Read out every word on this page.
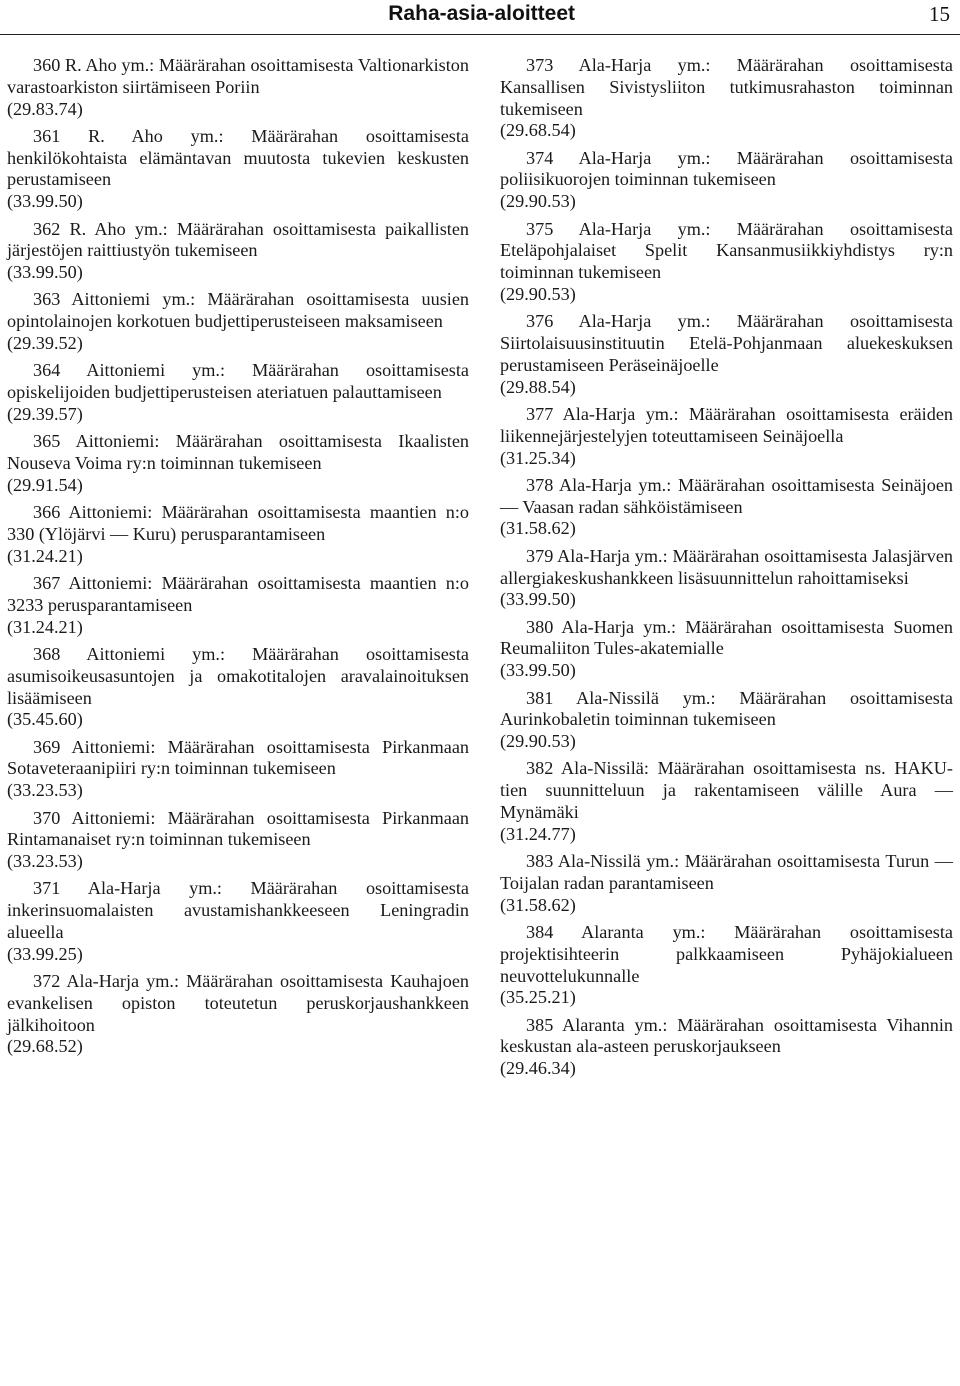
Raha-asia-aloitteet	15
360 R. Aho ym.: Määrärahan osoittamisesta Valtionarkiston varastoarkiston siirtämiseen Poriin
(29.83.74)
361 R. Aho ym.: Määrärahan osoittamisesta henkilökohtaista elämäntavan muutosta tukevien keskusten perustamiseen
(33.99.50)
362 R. Aho ym.: Määrärahan osoittamisesta paikallisten järjestöjen raittiustyön tukemiseen
(33.99.50)
363 Aittoniemi ym.: Määrärahan osoittamisesta uusien opintolainojen korkotuen budjettiperusteiseen maksamiseen
(29.39.52)
364 Aittoniemi ym.: Määrärahan osoittamisesta opiskelijoiden budjettiperusteisen ateriatuen palauttamiseen
(29.39.57)
365 Aittoniemi: Määrärahan osoittamisesta Ikaalisten Nouseva Voima ry:n toiminnan tukemiseen
(29.91.54)
366 Aittoniemi: Määrärahan osoittamisesta maantien n:o 330 (Ylöjärvi — Kuru) perusparantamiseen
(31.24.21)
367 Aittoniemi: Määrärahan osoittamisesta maantien n:o 3233 perusparantamiseen
(31.24.21)
368 Aittoniemi ym.: Määrärahan osoittamisesta asumisoikeusasuntojen ja omakotitalojen aravalainoituksen lisäämiseen
(35.45.60)
369 Aittoniemi: Määrärahan osoittamisesta Pirkanmaan Sotaveteraanipiiri ry:n toiminnan tukemiseen
(33.23.53)
370 Aittoniemi: Määrärahan osoittamisesta Pirkanmaan Rintamanaiset ry:n toiminnan tukemiseen
(33.23.53)
371 Ala-Harja ym.: Määrärahan osoittamisesta inkerinsuomalaisten avustamishankkeeseen Leningradin alueella
(33.99.25)
372 Ala-Harja ym.: Määrärahan osoittamisesta Kauhajoen evankelisen opiston toteutetun peruskorjaushankkeen jälkihoitoon
(29.68.52)
373 Ala-Harja ym.: Määrärahan osoittamisesta Kansallisen Sivistysliiton tutkimusrahaston toiminnan tukemiseen
(29.68.54)
374 Ala-Harja ym.: Määrärahan osoittamisesta poliisikuorojen toiminnan tukemiseen
(29.90.53)
375 Ala-Harja ym.: Määrärahan osoittamisesta Eteläpohjalaiset Spelit Kansanmusiikkiyhdistys ry:n toiminnan tukemiseen
(29.90.53)
376 Ala-Harja ym.: Määrärahan osoittamisesta Siirtolaisuusinstituutin Etelä-Pohjanmaan aluekeskuksen perustamiseen Peräseinäjoelle
(29.88.54)
377 Ala-Harja ym.: Määrärahan osoittamisesta eräiden liikennejärjestelyjen toteuttamiseen Seinäjoella
(31.25.34)
378 Ala-Harja ym.: Määrärahan osoittamisesta Seinäjoen — Vaasan radan sähköistämiseen
(31.58.62)
379 Ala-Harja ym.: Määrärahan osoittamisesta Jalasjärven allergiakeskushankkeen lisäsuunnittelun rahoittamiseksi
(33.99.50)
380 Ala-Harja ym.: Määrärahan osoittamisesta Suomen Reumaliiton Tules-akatemialle
(33.99.50)
381 Ala-Nissilä ym.: Määrärahan osoittamisesta Aurinkobaletin toiminnan tukemiseen
(29.90.53)
382 Ala-Nissilä: Määrärahan osoittamisesta ns. HAKU-tien suunnitteluun ja rakentamiseen välille Aura — Mynämäki
(31.24.77)
383 Ala-Nissilä ym.: Määrärahan osoittamisesta Turun — Toijalan radan parantamiseen
(31.58.62)
384 Alaranta ym.: Määrärahan osoittamisesta projektisihteerin palkkaamiseen Pyhäjokialueen neuvottelukunnalle
(35.25.21)
385 Alaranta ym.: Määrärahan osoittamisesta Vihannin keskustan ala-asteen peruskorjaukseen
(29.46.34)
